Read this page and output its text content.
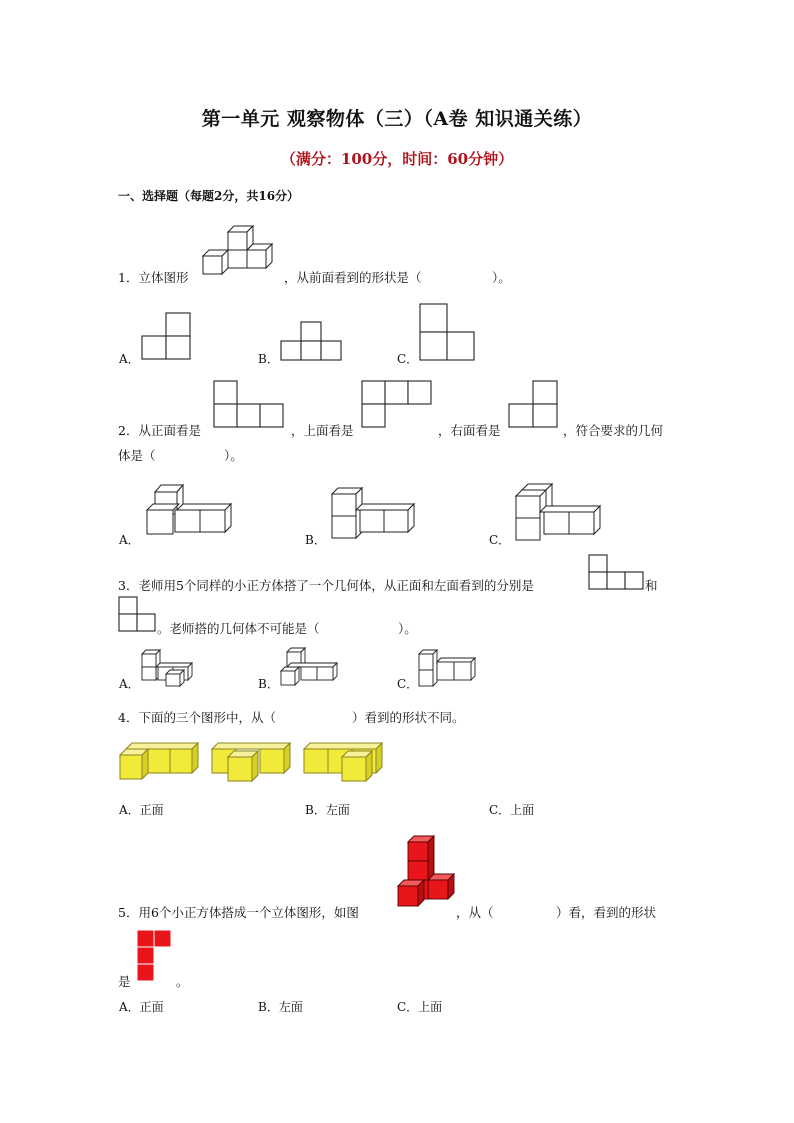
第一单元 观察物体（三）（A卷 知识通关练）
（满分：100分，时间：60分钟）
一、选择题（每题2分，共16分）
1．立体图形	，从前面看到的形状是（	）。
A．	B．	C．
2．从正面看是	，上面看是	，右面看是	，符合要求的几何
体是（	）。
A．	B．	C．
3．老师用5个同样的小正方体搭了一个几何体，从正面和左面看到的分别是	和
。老师搭的几何体不可能是（	）。
A．	B．	C．
4．下面的三个图形中，从（	）看到的形状不同。
A．正面	B．左面	C．上面
5．用6个小正方体搭成一个立体图形，如图	，从（	）看，看到的形状
是	。
A．正面	B．左面	C．上面
